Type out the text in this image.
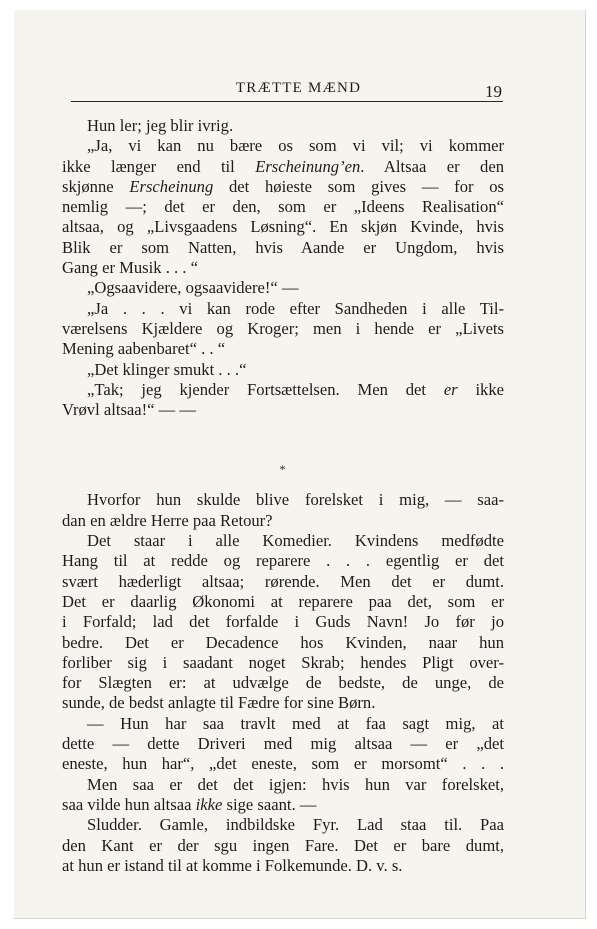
TRÆTTE MÆND	19
Hun ler; jeg blir ivrig.
„Ja, vi kan nu bære os som vi vil; vi kommer
ikke længer end til Erscheinung’en. Altsaa er den
skjønne Erscheinung det høieste som gives — for os
nemlig —; det er den, som er „Ideens Realisation“
altsaa, og „Livsgaadens Løsning“. En skjøn Kvinde, hvis
Blik er som Natten, hvis Aande er Ungdom, hvis
Gang er Musik . . . “
„Ogsaavidere, ogsaavidere!“ —
„Ja . . . vi kan rode efter Sandheden i alle Til-
værelsens Kjældere og Kroger; men i hende er „Livets
Mening aabenbaret“ . . “
„Det klinger smukt . . .“
„Tak; jeg kjender Fortsættelsen. Men det er ikke
Vrøvl altsaa!“ — —
*
Hvorfor hun skulde blive forelsket i mig, — saa-
dan en ældre Herre paa Retour?
Det staar i alle Komedier. Kvindens medfødte
Hang til at redde og reparere . . . egentlig er det
svært hæderligt altsaa; rørende. Men det er dumt.
Det er daarlig Økonomi at reparere paa det, som er
i Forfald; lad det forfalde i Guds Navn! Jo før jo
bedre. Det er Decadence hos Kvinden, naar hun
forliber sig i saadant noget Skrab; hendes Pligt over-
for Slægten er: at udvælge de bedste, de unge, de
sunde, de bedst anlagte til Fædre for sine Børn.
— Hun har saa travlt med at faa sagt mig, at
dette — dette Driveri med mig altsaa — er „det
eneste, hun har“, „det eneste, som er morsomt“ . . .
Men saa er det det igjen: hvis hun var forelsket,
saa vilde hun altsaa ikke sige saant. —
Sludder. Gamle, indbildske Fyr. Lad staa til. Paa
den Kant er der sgu ingen Fare. Det er bare dumt,
at hun er istand til at komme i Folkemunde. D. v. s.
